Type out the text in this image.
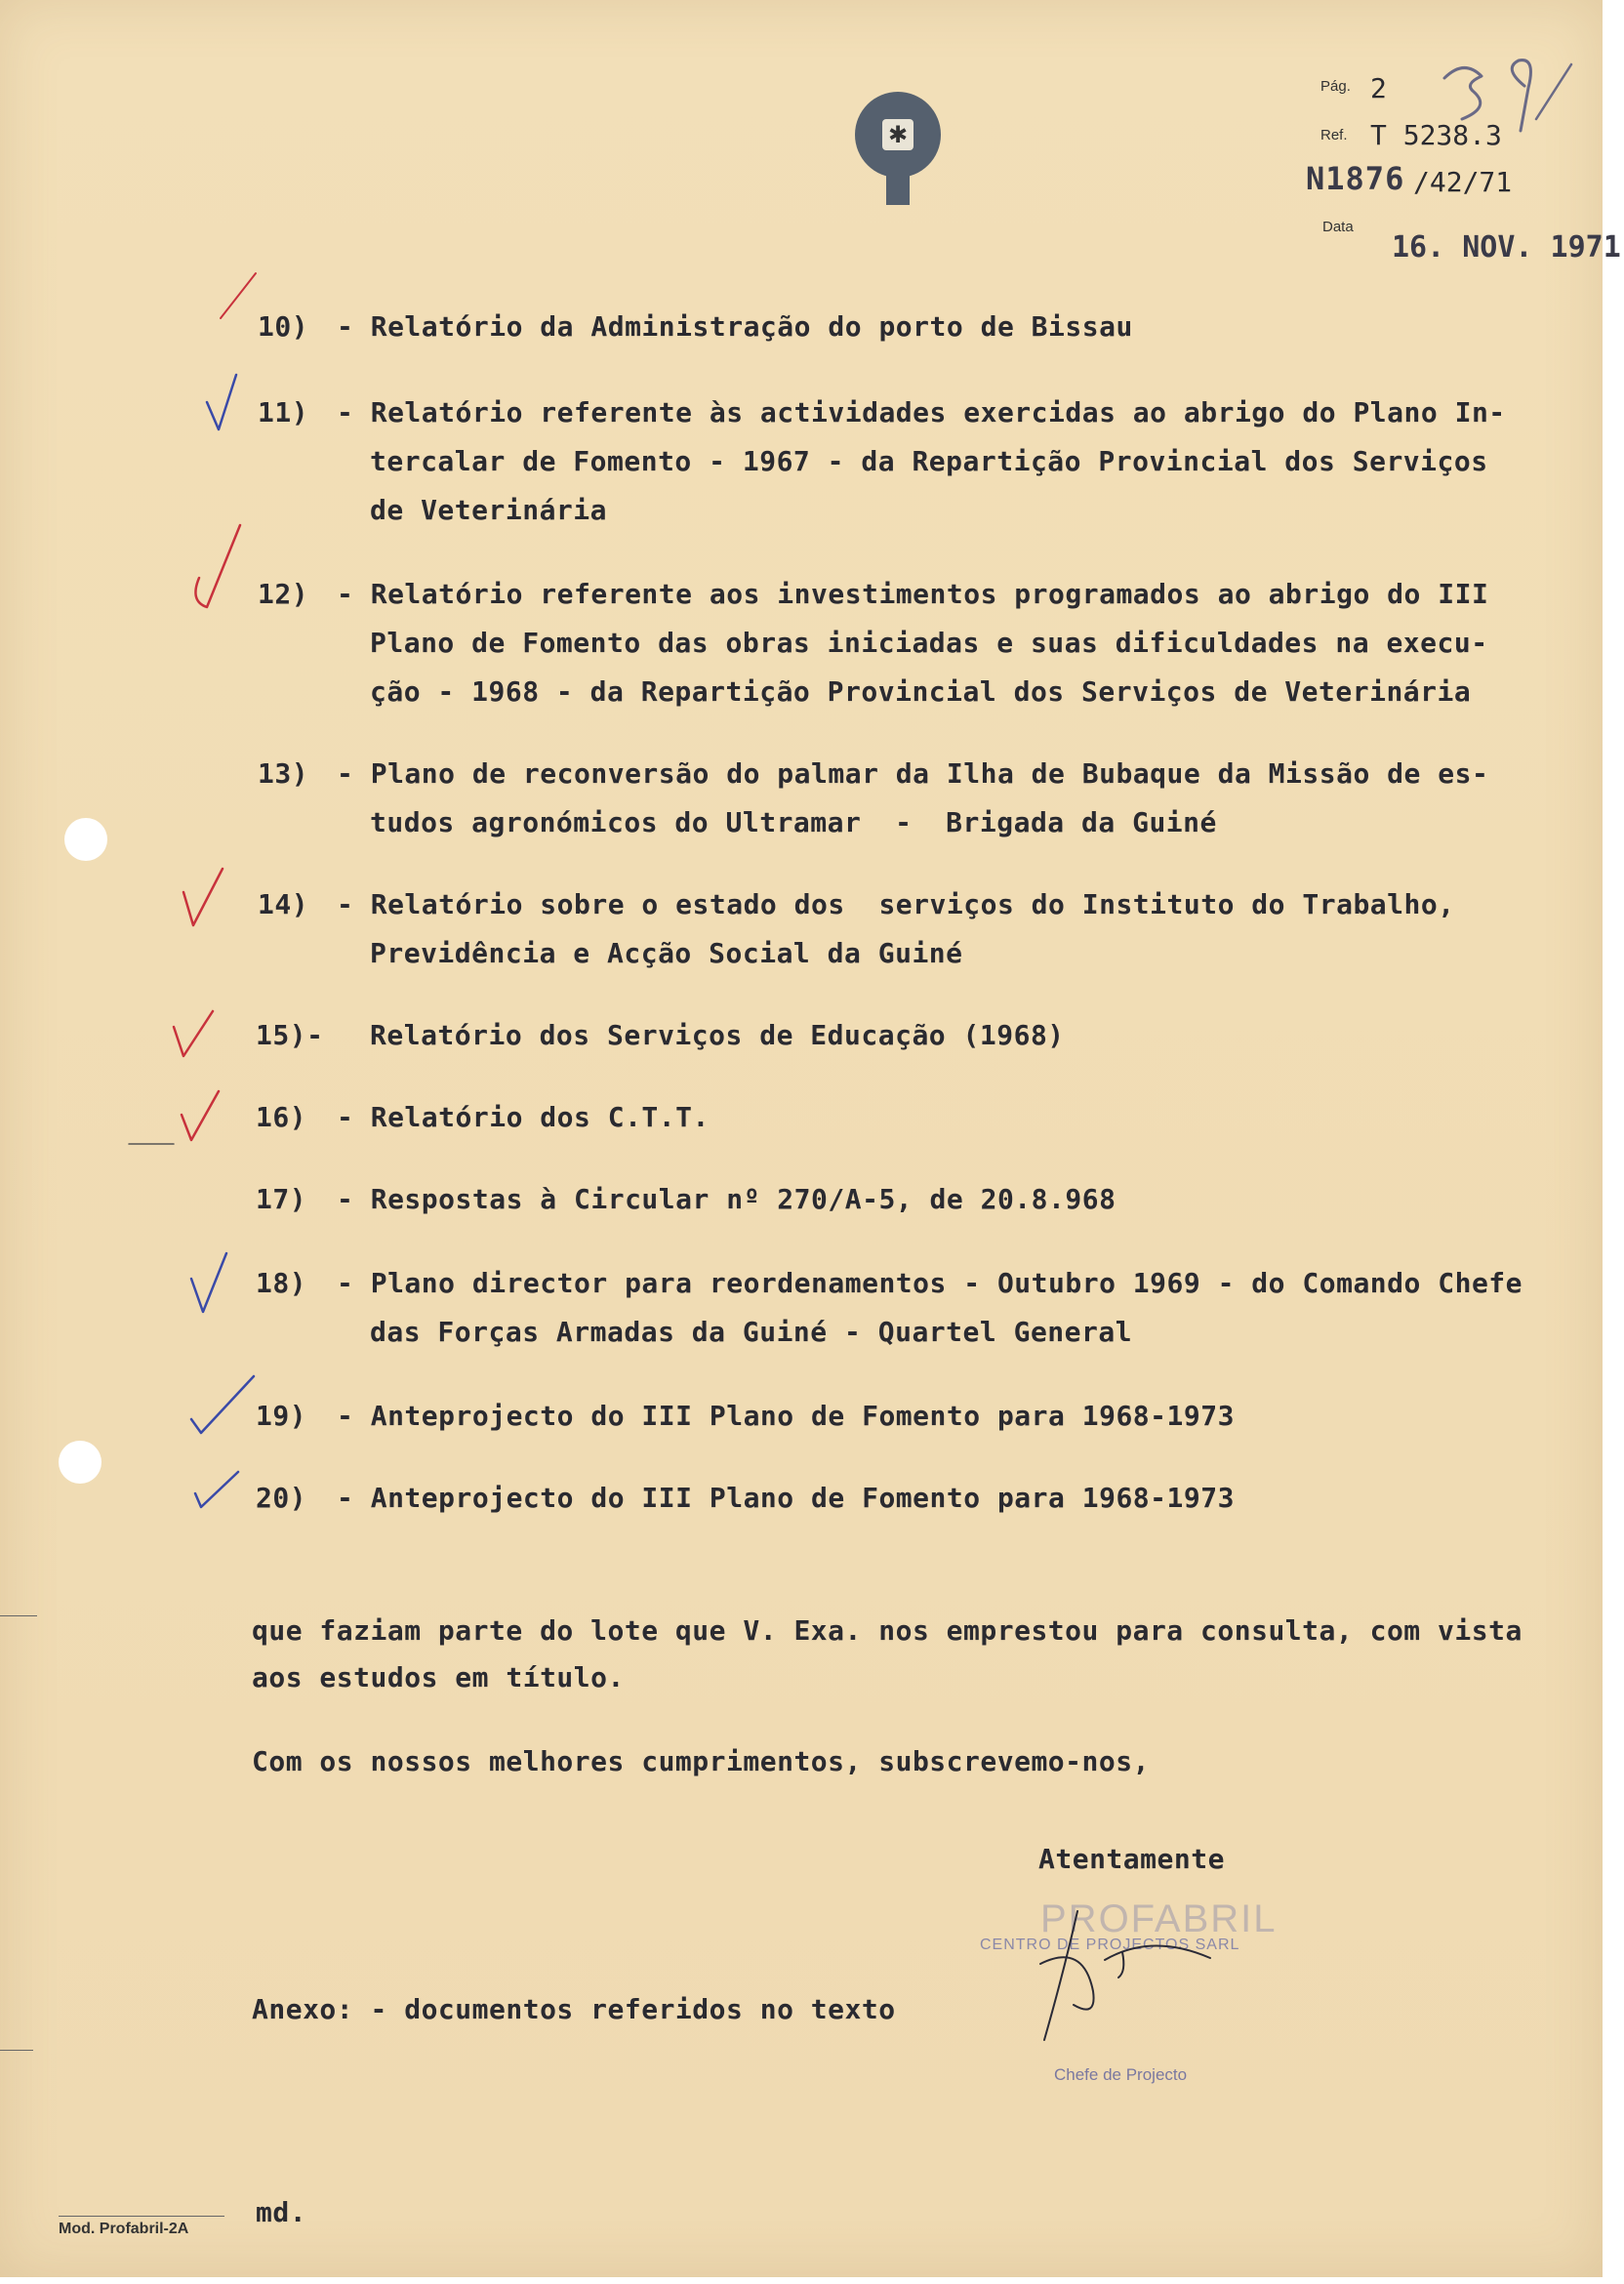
✱
Pág. 2
Ref. T 5238.3
N1876 /42/71
Data
16. NOV. 1971
10) - Relatório da Administração do porto de Bissau
11) - Relatório referente às actividades exercidas ao abrigo do Plano In-
tercalar de Fomento - 1967 - da Repartição Provincial dos Serviços
de Veterinária
12) - Relatório referente aos investimentos programados ao abrigo do III
Plano de Fomento das obras iniciadas e suas dificuldades na execu-
ção - 1968 - da Repartição Provincial dos Serviços de Veterinária
13) - Plano de reconversão do palmar da Ilha de Bubaque da Missão de es-
tudos agronómicos do Ultramar  -  Brigada da Guiné
14) - Relatório sobre o estado dos  serviços do Instituto do Trabalho,
Previdência e Acção Social da Guiné
15)- Relatório dos Serviços de Educação (1968)
16) - Relatório dos C.T.T.
17) - Respostas à Circular nº 270/A-5, de 20.8.968
18) - Plano director para reordenamentos - Outubro 1969 - do Comando Chefe
das Forças Armadas da Guiné - Quartel General
19) - Anteprojecto do III Plano de Fomento para 1968-1973
20) - Anteprojecto do III Plano de Fomento para 1968-1973
que faziam parte do lote que V. Exa. nos emprestou para consulta, com vista
aos estudos em título.
Com os nossos melhores cumprimentos, subscrevemo-nos,
Atentamente
PROFABRIL
CENTRO DE PROJECTOS SARL
Chefe de Projecto
Anexo: - documentos referidos no texto
md.
Mod. Profabril-2A
